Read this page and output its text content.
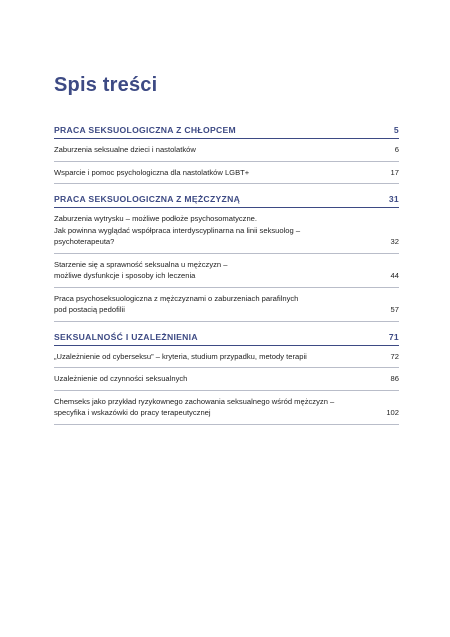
Spis treści
PRACA SEKSUOLOGICZNA Z CHŁOPCEM	5
Zaburzenia seksualne dzieci i nastolatków	6
Wsparcie i pomoc psychologiczna dla nastolatków LGBT+	17
PRACA SEKSUOLOGICZNA Z MĘŻCZYZNĄ	31
Zaburzenia wytrysku – możliwe podłoże psychosomatyczne.
Jak powinna wyglądać współpraca interdyscyplinarna na linii seksuolog –
psychoterapeuta?	32
Starzenie się a sprawność seksualna u mężczyzn –
możliwe dysfunkcje i sposoby ich leczenia	44
Praca psychoseksuologiczna z mężczyznami o zaburzeniach parafilnych
pod postacią pedofilii	57
SEKSUALNOŚĆ I UZALEŻNIENIA	71
„Uzależnienie od cyberseksu” – kryteria, studium przypadku, metody terapii	72
Uzależnienie od czynności seksualnych	86
Chemseks jako przykład ryzykownego zachowania seksualnego wśród mężczyzn –
specyfika i wskazówki do pracy terapeutycznej	102
